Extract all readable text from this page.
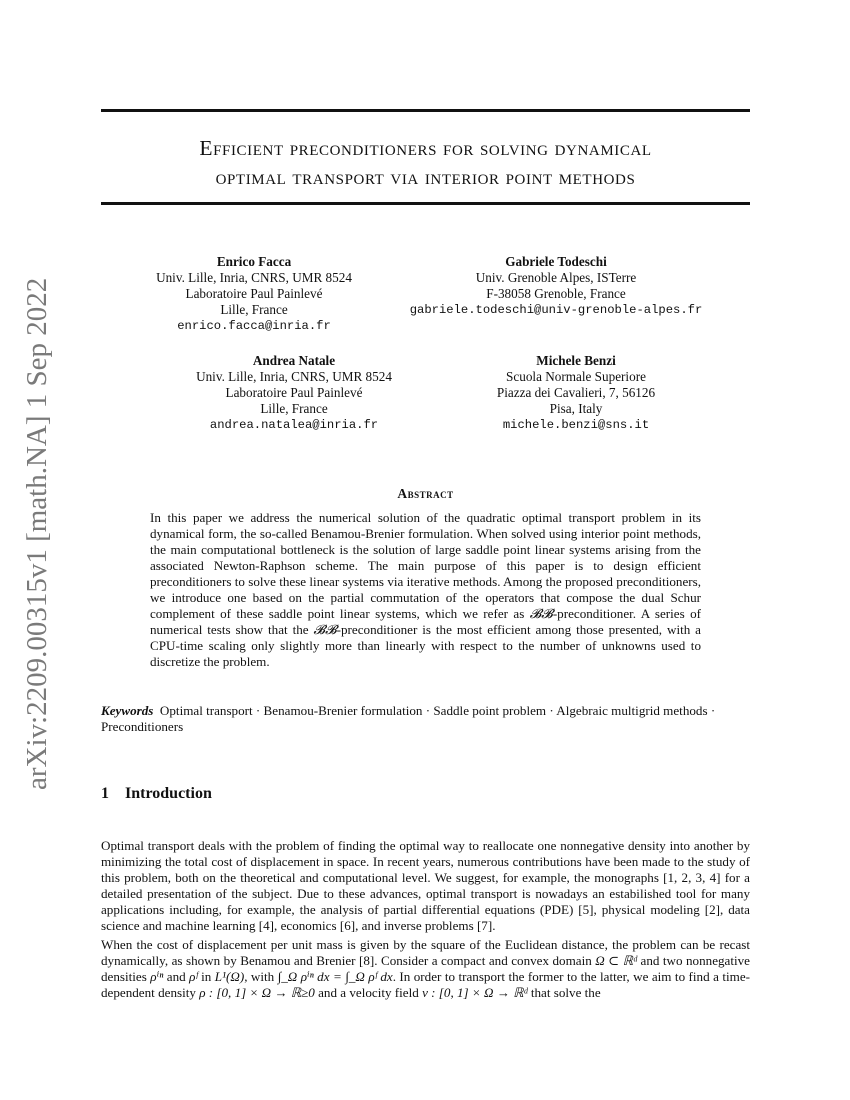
arXiv:2209.00315v1 [math.NA] 1 Sep 2022
Efficient preconditioners for solving dynamical
optimal transport via interior point methods
Enrico Facca
Univ. Lille, Inria, CNRS, UMR 8524
Laboratoire Paul Painlevé
Lille, France
enrico.facca@inria.fr
Gabriele Todeschi
Univ. Grenoble Alpes, ISTerre
F-38058 Grenoble, France
gabriele.todeschi@univ-grenoble-alpes.fr
Andrea Natale
Univ. Lille, Inria, CNRS, UMR 8524
Laboratoire Paul Painlevé
Lille, France
andrea.natalea@inria.fr
Michele Benzi
Scuola Normale Superiore
Piazza dei Cavalieri, 7, 56126
Pisa, Italy
michele.benzi@sns.it
Abstract
In this paper we address the numerical solution of the quadratic optimal transport problem in its dynamical form, the so-called Benamou-Brenier formulation. When solved using interior point methods, the main computational bottleneck is the solution of large saddle point linear systems arising from the associated Newton-Raphson scheme. The main purpose of this paper is to design efficient preconditioners to solve these linear systems via iterative methods. Among the proposed preconditioners, we introduce one based on the partial commutation of the operators that compose the dual Schur complement of these saddle point linear systems, which we refer as 𝓑𝓑-preconditioner. A series of numerical tests show that the 𝓑𝓑-preconditioner is the most efficient among those presented, with a CPU-time scaling only slightly more than linearly with respect to the number of unknowns used to discretize the problem.
Keywords Optimal transport · Benamou-Brenier formulation · Saddle point problem · Algebraic multigrid methods · Preconditioners
1 Introduction
Optimal transport deals with the problem of finding the optimal way to reallocate one nonnegative density into another by minimizing the total cost of displacement in space. In recent years, numerous contributions have been made to the study of this problem, both on the theoretical and computational level. We suggest, for example, the monographs [1, 2, 3, 4] for a detailed presentation of the subject. Due to these advances, optimal transport is nowadays an estabilished tool for many applications including, for example, the analysis of partial differential equations (PDE) [5], physical modeling [2], data science and machine learning [4], economics [6], and inverse problems [7].
When the cost of displacement per unit mass is given by the square of the Euclidean distance, the problem can be recast dynamically, as shown by Benamou and Brenier [8]. Consider a compact and convex domain Ω ⊂ ℝᵈ and two nonnegative densities ρⁱⁿ and ρᶠ in L¹(Ω), with ∫_Ω ρⁱⁿ dx = ∫_Ω ρᶠ dx. In order to transport the former to the latter, we aim to find a time-dependent density ρ : [0, 1] × Ω → ℝ≥0 and a velocity field v : [0, 1] × Ω → ℝᵈ that solve the
